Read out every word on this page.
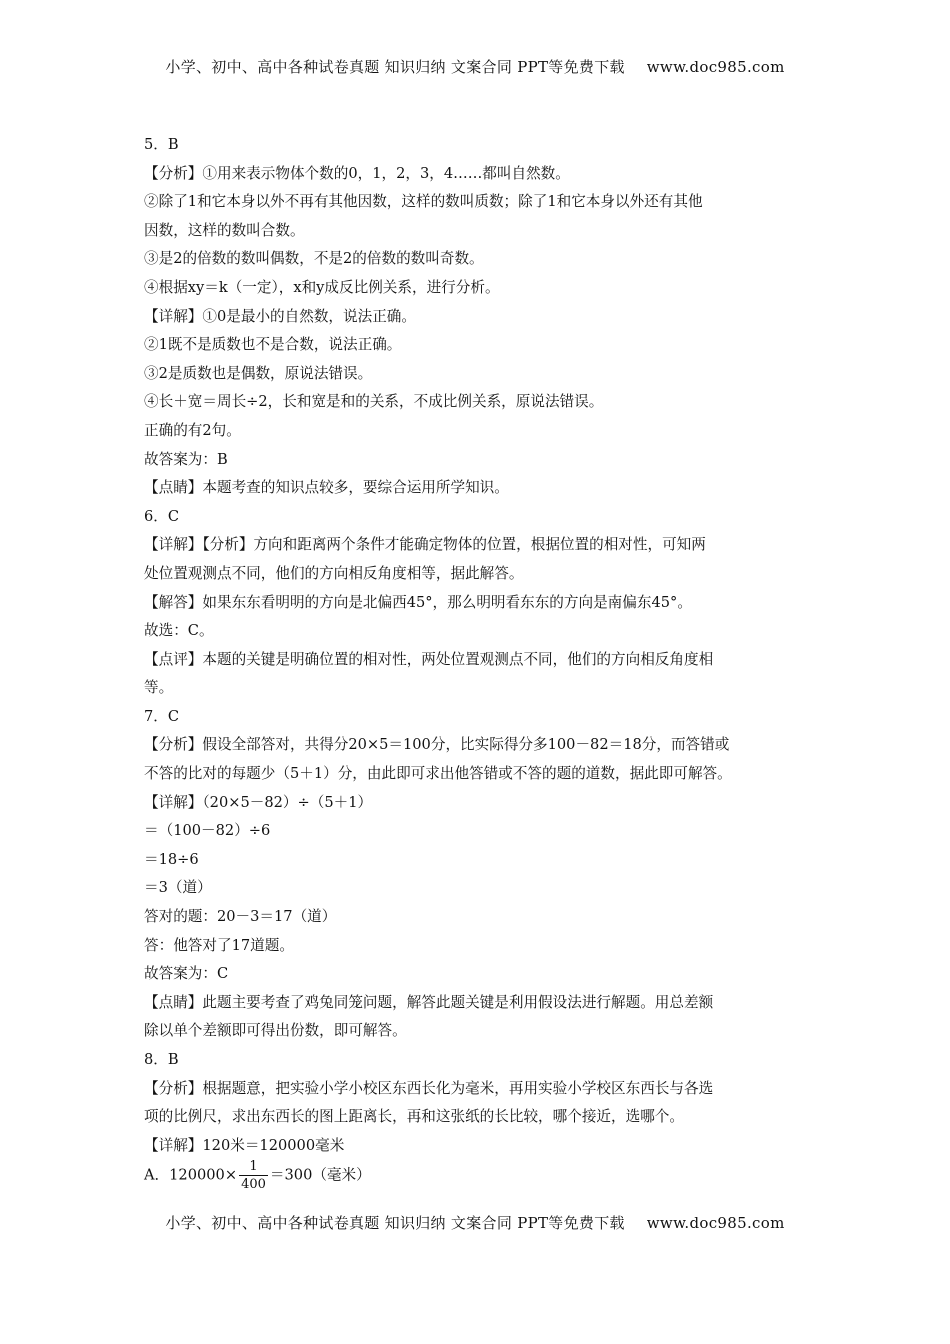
小学、初中、高中各种试卷真题 知识归纳 文案合同 PPT等免费下载 www.doc985.com

5．B

【分析】①用来表示物体个数的0，1，2，3，4……都叫自然数。

②除了1和它本身以外不再有其他因数，这样的数叫质数；除了1和它本身以外还有其他

因数，这样的数叫合数。

③是2的倍数的数叫偶数，不是2的倍数的数叫奇数。

④根据xy＝k（一定），x和y成反比例关系，进行分析。

【详解】①0是最小的自然数，说法正确。

②1既不是质数也不是合数，说法正确。

③2是质数也是偶数，原说法错误。

④长＋宽＝周长÷2，长和宽是和的关系，不成比例关系，原说法错误。

正确的有2句。

故答案为：B

【点睛】本题考查的知识点较多，要综合运用所学知识。

6．C

【详解】【分析】方向和距离两个条件才能确定物体的位置，根据位置的相对性，可知两

处位置观测点不同，他们的方向相反角度相等，据此解答。

【解答】如果东东看明明的方向是北偏西45°，那么明明看东东的方向是南偏东45°。

故选：C。

【点评】本题的关键是明确位置的相对性，两处位置观测点不同，他们的方向相反角度相

等。

7．C

【分析】假设全部答对，共得分20×5＝100分，比实际得分多100－82＝18分，而答错或

不答的比对的每题少（5＋1）分，由此即可求出他答错或不答的题的道数，据此即可解答。

【详解】（20×5－82）÷（5＋1）

＝（100－82）÷6

＝18÷6

＝3（道）

答对的题：20－3＝17（道）

答：他答对了17道题。

故答案为：C

【点睛】此题主要考查了鸡兔同笼问题，解答此题关键是利用假设法进行解题。用总差额

除以单个差额即可得出份数，即可解答。

8．B

【分析】根据题意，把实验小学小校区东西长化为毫米，再用实验小学校区东西长与各选

项的比例尺，求出东西长的图上距离长，再和这张纸的长比较，哪个接近，选哪个。

【详解】120米＝120000毫米

A．$120000\times \frac{1}{400} =300$（毫米）

小学、初中、高中各种试卷真题 知识归纳 文案合同 PPT等免费下载 www.doc985.com
